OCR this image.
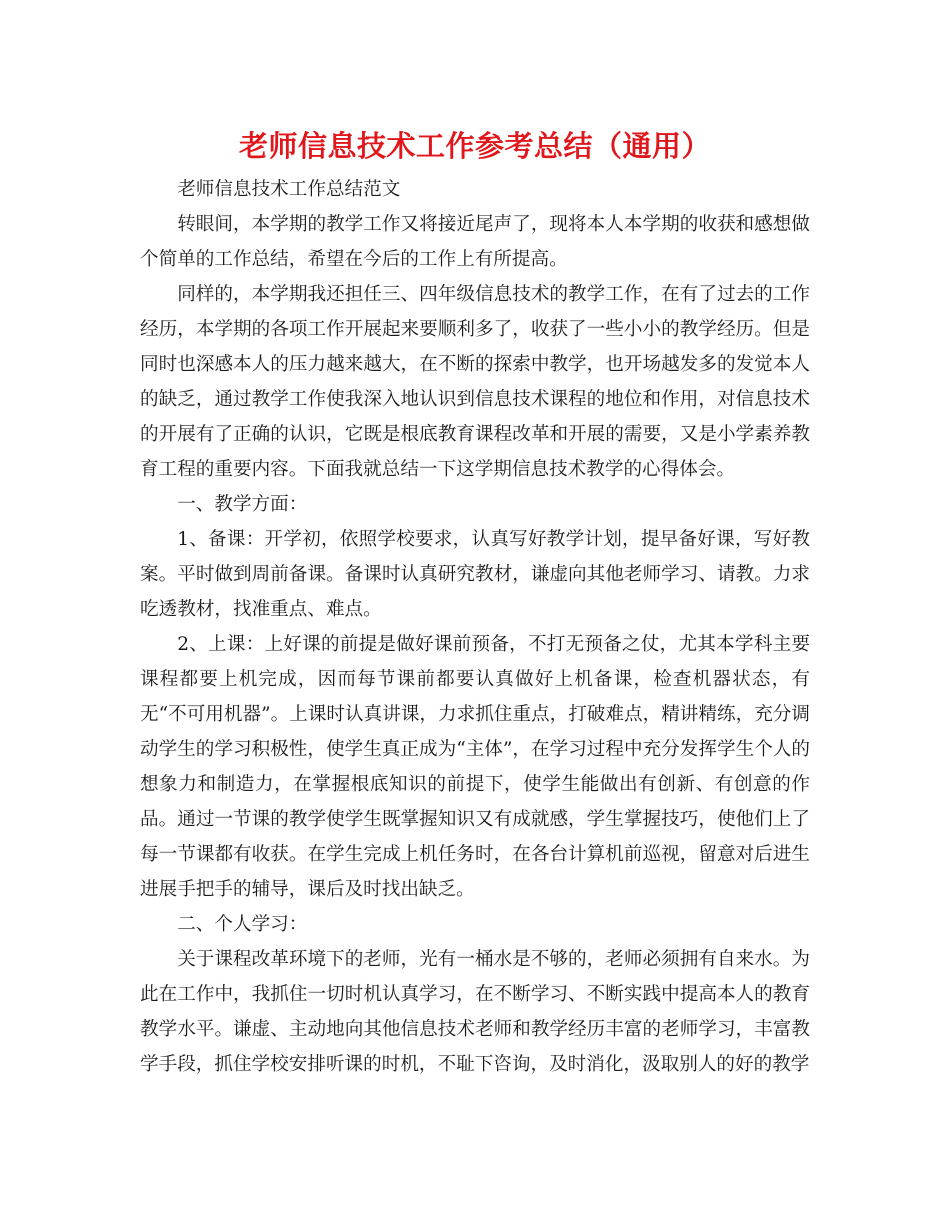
老师信息技术工作参考总结（通用）

老师信息技术工作总结范文

转眼间，本学期的教学工作又将接近尾声了，现将本人本学期的收获和感想做个简单的工作总结，希望在今后的工作上有所提高。

同样的，本学期我还担任三、四年级信息技术的教学工作，在有了过去的工作经历，本学期的各项工作开展起来要顺利多了，收获了一些小小的教学经历。但是同时也深感本人的压力越来越大，在不断的探索中教学，也开场越发多的发觉本人的缺乏，通过教学工作使我深入地认识到信息技术课程的地位和作用，对信息技术的开展有了正确的认识，它既是根底教育课程改革和开展的需要，又是小学素养教育工程的重要内容。下面我就总结一下这学期信息技术教学的心得体会。

一、教学方面：

1、备课：开学初，依照学校要求，认真写好教学计划，提早备好课，写好教案。平时做到周前备课。备课时认真研究教材，谦虚向其他老师学习、请教。力求吃透教材，找准重点、难点。

2、上课：上好课的前提是做好课前预备，不打无预备之仗，尤其本学科主要课程都要上机完成，因而每节课前都要认真做好上机备课，检查机器状态，有无“不可用机器”。上课时认真讲课，力求抓住重点，打破难点，精讲精练，充分调动学生的学习积极性，使学生真正成为“主体”，在学习过程中充分发挥学生个人的想象力和制造力，在掌握根底知识的前提下，使学生能做出有创新、有创意的作品。通过一节课的教学使学生既掌握知识又有成就感，学生掌握技巧，使他们上了每一节课都有收获。在学生完成上机任务时，在各台计算机前巡视，留意对后进生进展手把手的辅导，课后及时找出缺乏。

二、个人学习：

关于课程改革环境下的老师，光有一桶水是不够的，老师必须拥有自来水。为此在工作中，我抓住一切时机认真学习，在不断学习、不断实践中提高本人的教育教学水平。谦虚、主动地向其他信息技术老师和教学经历丰富的老师学习，丰富教学手段，抓住学校安排听课的时机，不耻下咨询，及时消化，汲取别人的好的教学
